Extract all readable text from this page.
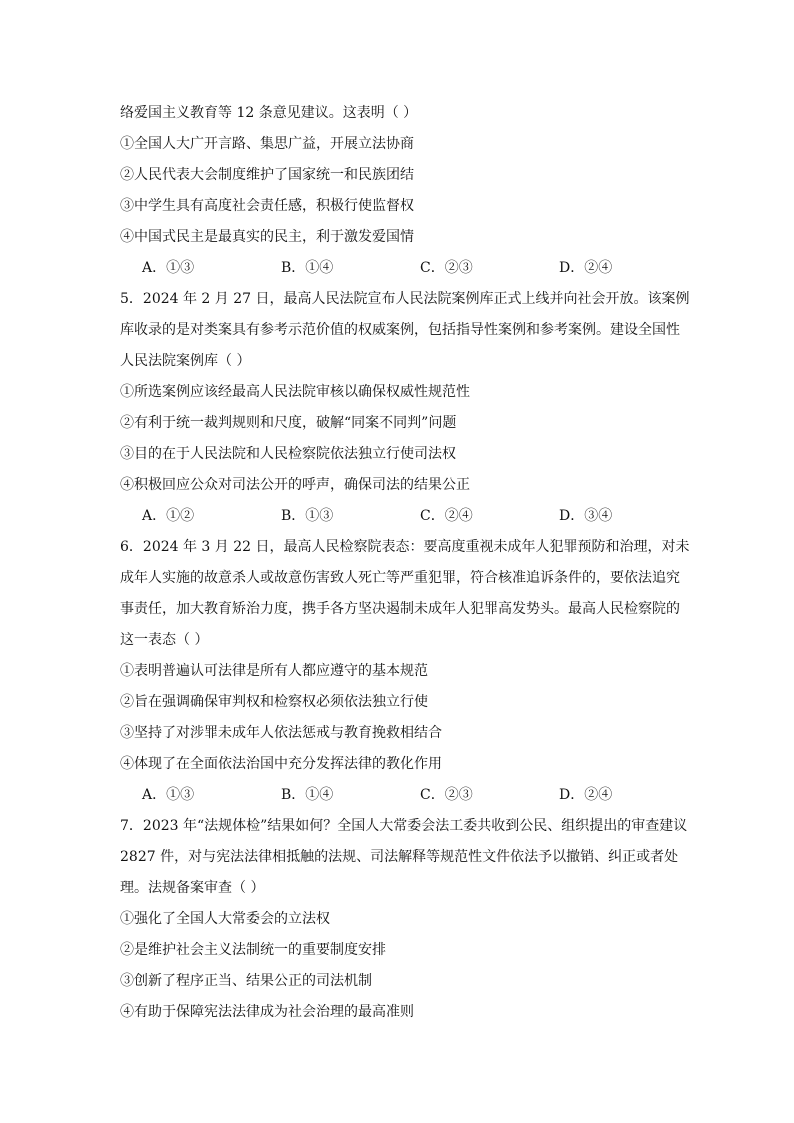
络爱国主义教育等 12 条意见建议。这表明（ ）
①全国人大广开言路、集思广益，开展立法协商
②人民代表大会制度维护了国家统一和民族团结
③中学生具有高度社会责任感，积极行使监督权
④中国式民主是最真实的民主，利于激发爱国情
A．①③	B．①④	C．②③	D．②④
5．2024 年 2 月 27 日，最高人民法院宣布人民法院案例库正式上线并向社会开放。该案例
库收录的是对类案具有参考示范价值的权威案例，包括指导性案例和参考案例。建设全国性
人民法院案例库（ ）
①所选案例应该经最高人民法院审核以确保权威性规范性
②有利于统一裁判规则和尺度，破解“同案不同判”问题
③目的在于人民法院和人民检察院依法独立行使司法权
④积极回应公众对司法公开的呼声，确保司法的结果公正
A．①②	B．①③	C．②④	D．③④
6．2024 年 3 月 22 日，最高人民检察院表态：要高度重视未成年人犯罪预防和治理，对未
成年人实施的故意杀人或故意伤害致人死亡等严重犯罪，符合核准追诉条件的，要依法追究
事责任，加大教育矫治力度，携手各方坚决遏制未成年人犯罪高发势头。最高人民检察院的
这一表态（ ）
①表明普遍认可法律是所有人都应遵守的基本规范
②旨在强调确保审判权和检察权必须依法独立行使
③坚持了对涉罪未成年人依法惩戒与教育挽救相结合
④体现了在全面依法治国中充分发挥法律的教化作用
A．①③	B．①④	C．②③	D．②④
7．2023 年“法规体检”结果如何？全国人大常委会法工委共收到公民、组织提出的审查建议
2827 件，对与宪法法律相抵触的法规、司法解释等规范性文件依法予以撤销、纠正或者处
理。法规备案审查（ ）
①强化了全国人大常委会的立法权
②是维护社会主义法制统一的重要制度安排
③创新了程序正当、结果公正的司法机制
④有助于保障宪法法律成为社会治理的最高准则
